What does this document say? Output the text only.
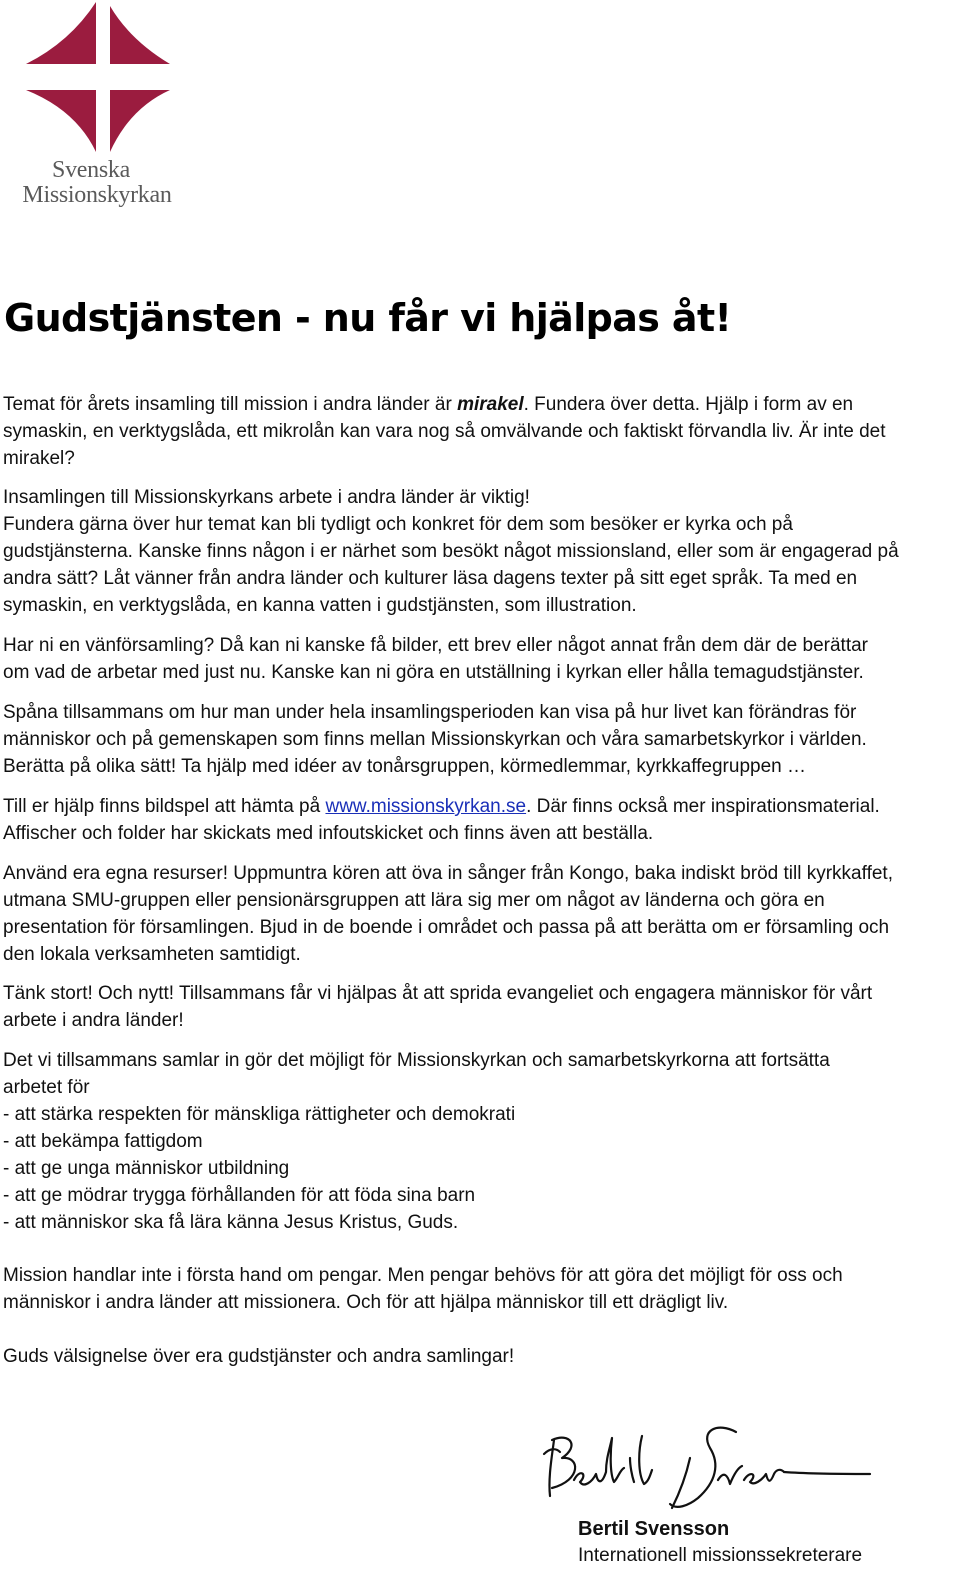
Svenska
Missionskyrkan
Gudstjänsten - nu får vi hjälpas åt!
Temat för årets insamling till mission i andra länder är mirakel. Fundera över detta. Hjälp i form av en
symaskin, en verktygslåda, ett mikrolån kan vara nog så omvälvande och faktiskt förvandla liv. Är inte det
mirakel?
Insamlingen till Missionskyrkans arbete i andra länder är viktig!
Fundera gärna över hur temat kan bli tydligt och konkret för dem som besöker er kyrka och på
gudstjänsterna. Kanske finns någon i er närhet som besökt något missionsland, eller som är engagerad på
andra sätt? Låt vänner från andra länder och kulturer läsa dagens texter på sitt eget språk. Ta med en
symaskin, en verktygslåda, en kanna vatten i gudstjänsten, som illustration.
Har ni en vänförsamling? Då kan ni kanske få bilder, ett brev eller något annat från dem där de berättar
om vad de arbetar med just nu. Kanske kan ni göra en utställning i kyrkan eller hålla temagudstjänster.
Spåna tillsammans om hur man under hela insamlingsperioden kan visa på hur livet kan förändras för
människor och på gemenskapen som finns mellan Missionskyrkan och våra samarbetskyrkor i världen.
Berätta på olika sätt! Ta hjälp med idéer av tonårsgruppen, körmedlemmar, kyrkkaffegruppen …
Till er hjälp finns bildspel att hämta på www.missionskyrkan.se. Där finns också mer inspirationsmaterial.
Affischer och folder har skickats med infoutskicket och finns även att beställa.
Använd era egna resurser! Uppmuntra kören att öva in sånger från Kongo, baka indiskt bröd till kyrkkaffet,
utmana SMU-gruppen eller pensionärsgruppen att lära sig mer om något av länderna och göra en
presentation för församlingen. Bjud in de boende i området och passa på att berätta om er församling och
den lokala verksamheten samtidigt.
Tänk stort! Och nytt! Tillsammans får vi hjälpas åt att sprida evangeliet och engagera människor för vårt
arbete i andra länder!
Det vi tillsammans samlar in gör det möjligt för Missionskyrkan och samarbetskyrkorna att fortsätta
arbetet för
- att stärka respekten för mänskliga rättigheter och demokrati
- att bekämpa fattigdom
- att ge unga människor utbildning
- att ge mödrar trygga förhållanden för att föda sina barn
- att människor ska få lära känna Jesus Kristus, Guds.
Mission handlar inte i första hand om pengar. Men pengar behövs för att göra det möjligt för oss och
människor i andra länder att missionera. Och för att hjälpa människor till ett drägligt liv.
Guds välsignelse över era gudstjänster och andra samlingar!
Bertil Svensson
Internationell missionssekreterare
